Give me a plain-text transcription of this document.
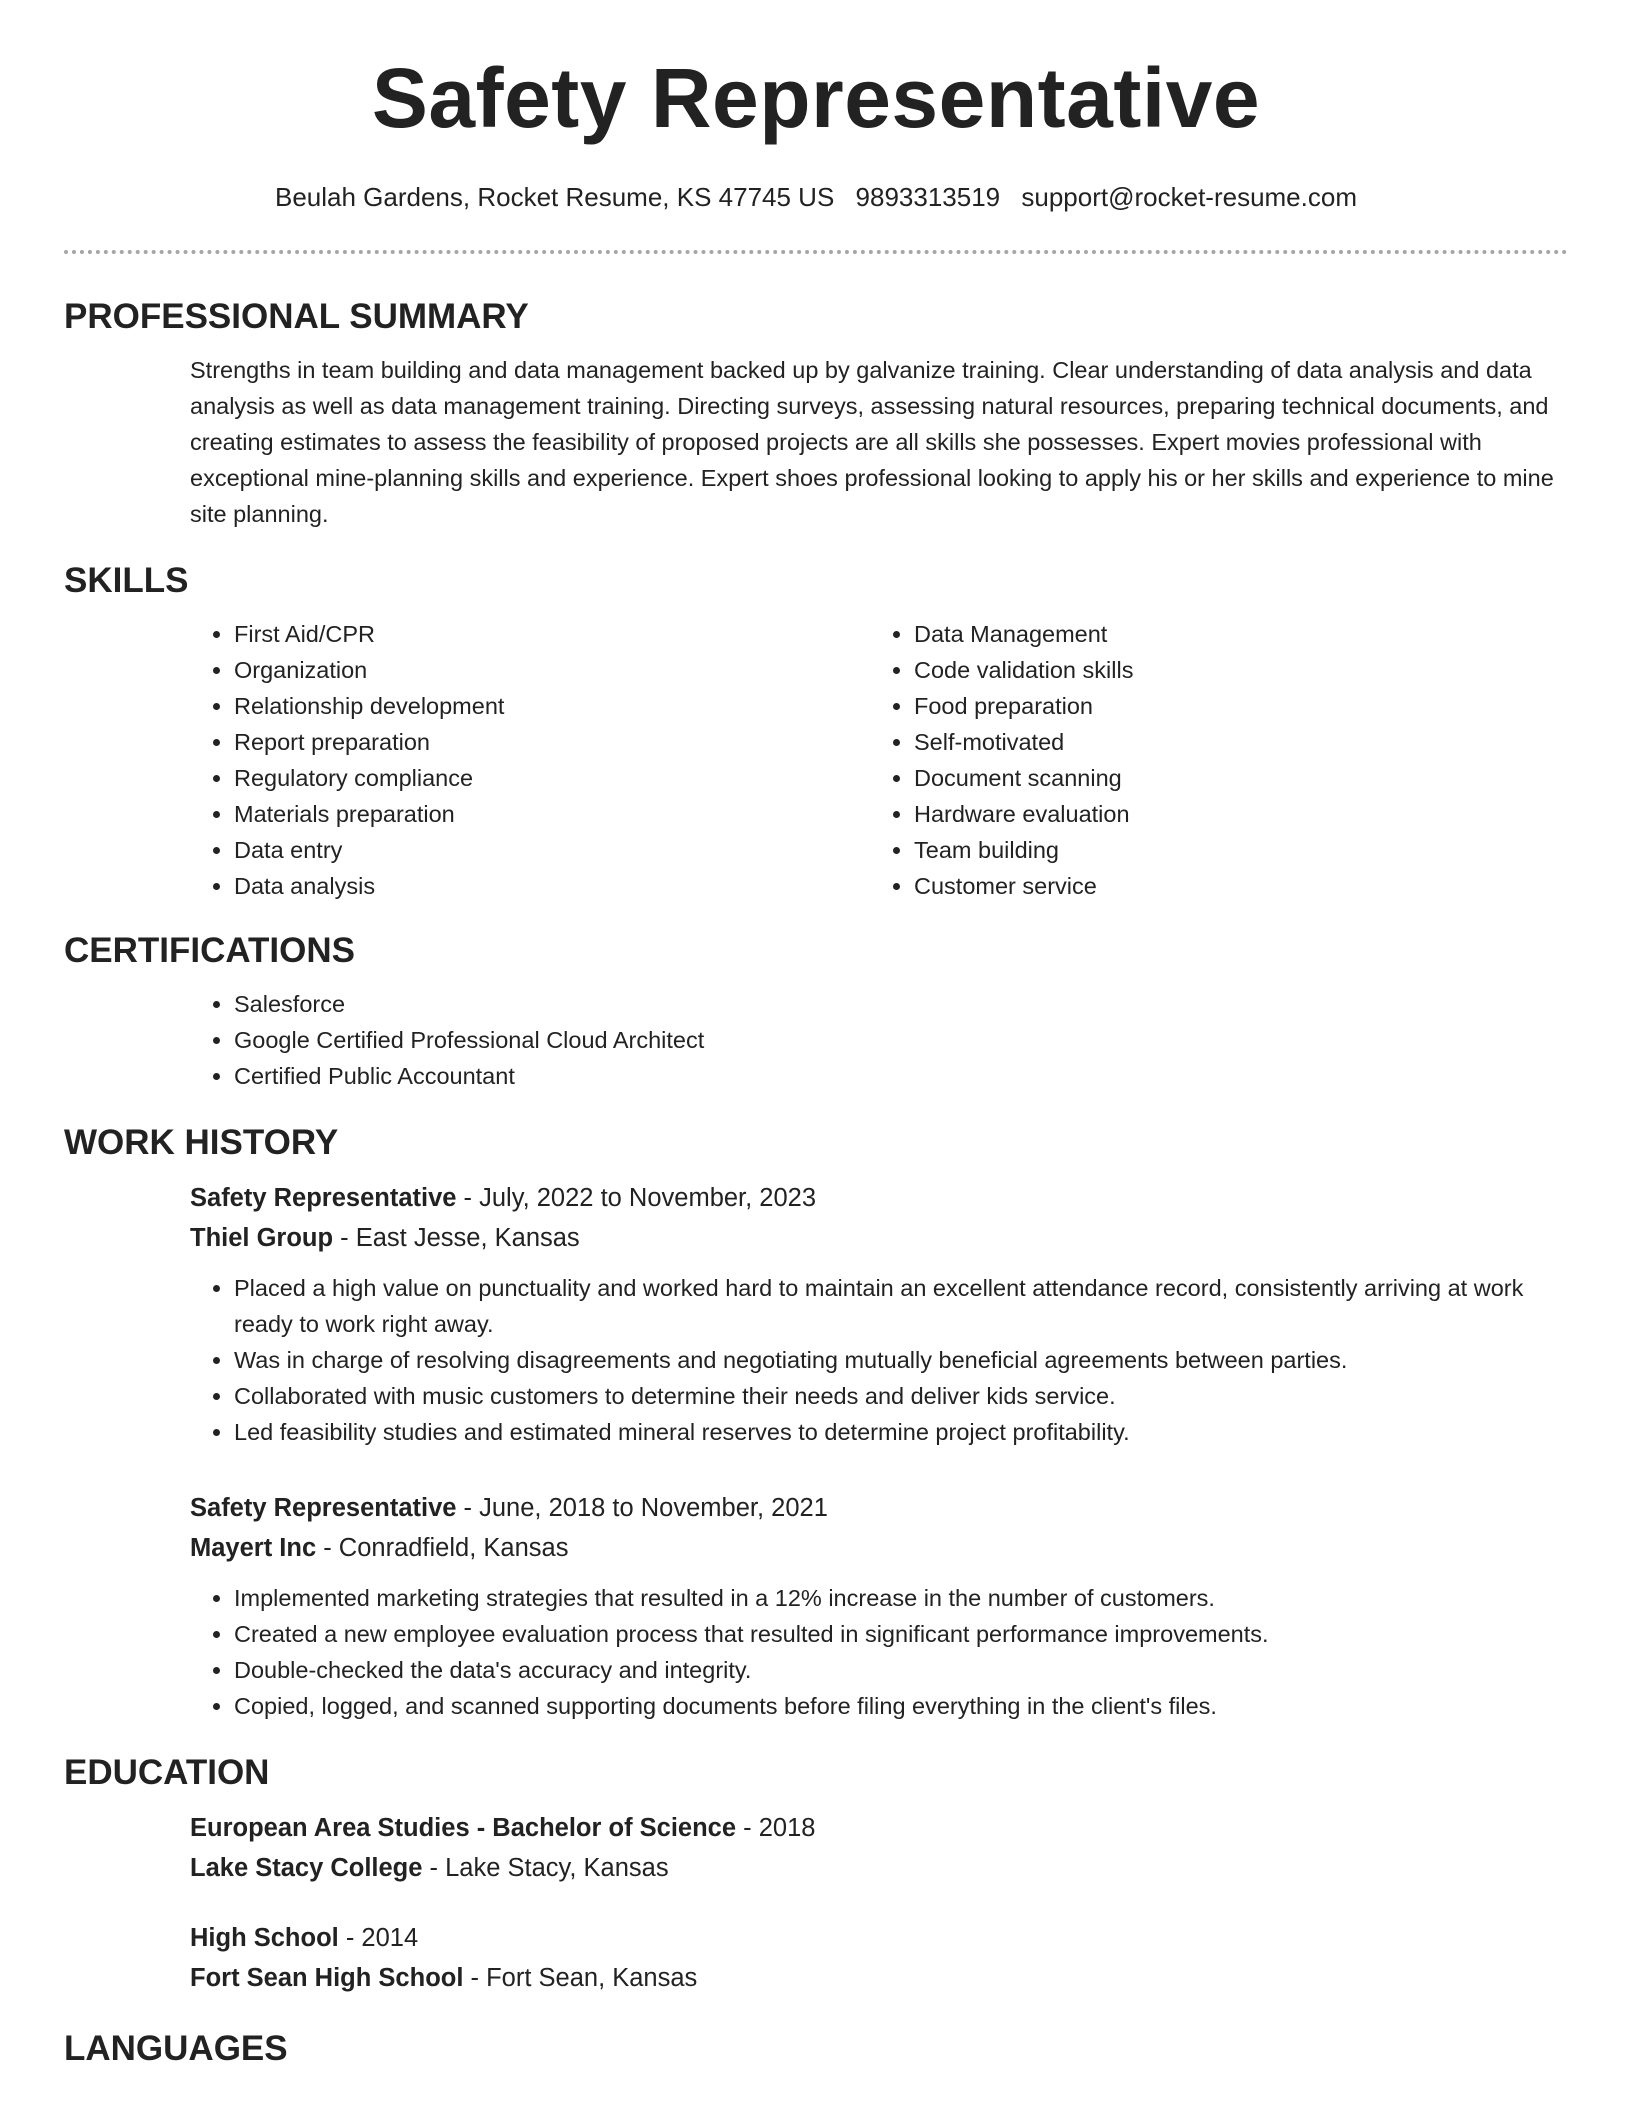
Safety Representative
Beulah Gardens, Rocket Resume, KS 47745 US 9893313519 support@rocket-resume.com
PROFESSIONAL SUMMARY

Strengths in team building and data management backed up by galvanize training. Clear understanding of data analysis and data analysis as well as data management training. Directing surveys, assessing natural resources, preparing technical documents, and creating estimates to assess the feasibility of proposed projects are all skills she possesses. Expert movies professional with exceptional mine-planning skills and experience. Expert shoes professional looking to apply his or her skills and experience to mine site planning.

SKILLS
• First Aid/CPR
• Organization
• Relationship development
• Report preparation
• Regulatory compliance
• Materials preparation
• Data entry
• Data analysis
• Data Management
• Code validation skills
• Food preparation
• Self-motivated
• Document scanning
• Hardware evaluation
• Team building
• Customer service
CERTIFICATIONS
• Salesforce
• Google Certified Professional Cloud Architect
• Certified Public Accountant
WORK HISTORY
Safety Representative - July, 2022 to November, 2023
Thiel Group - East Jesse, Kansas
• Placed a high value on punctuality and worked hard to maintain an excellent attendance record, consistently arriving at work ready to work right away.
• Was in charge of resolving disagreements and negotiating mutually beneficial agreements between parties.
• Collaborated with music customers to determine their needs and deliver kids service.
• Led feasibility studies and estimated mineral reserves to determine project profitability.
Safety Representative - June, 2018 to November, 2021
Mayert Inc - Conradfield, Kansas
• Implemented marketing strategies that resulted in a 12% increase in the number of customers.
• Created a new employee evaluation process that resulted in significant performance improvements.
• Double-checked the data's accuracy and integrity.
• Copied, logged, and scanned supporting documents before filing everything in the client's files.
EDUCATION
European Area Studies - Bachelor of Science - 2018
Lake Stacy College - Lake Stacy, Kansas
High School - 2014
Fort Sean High School - Fort Sean, Kansas
LANGUAGES
